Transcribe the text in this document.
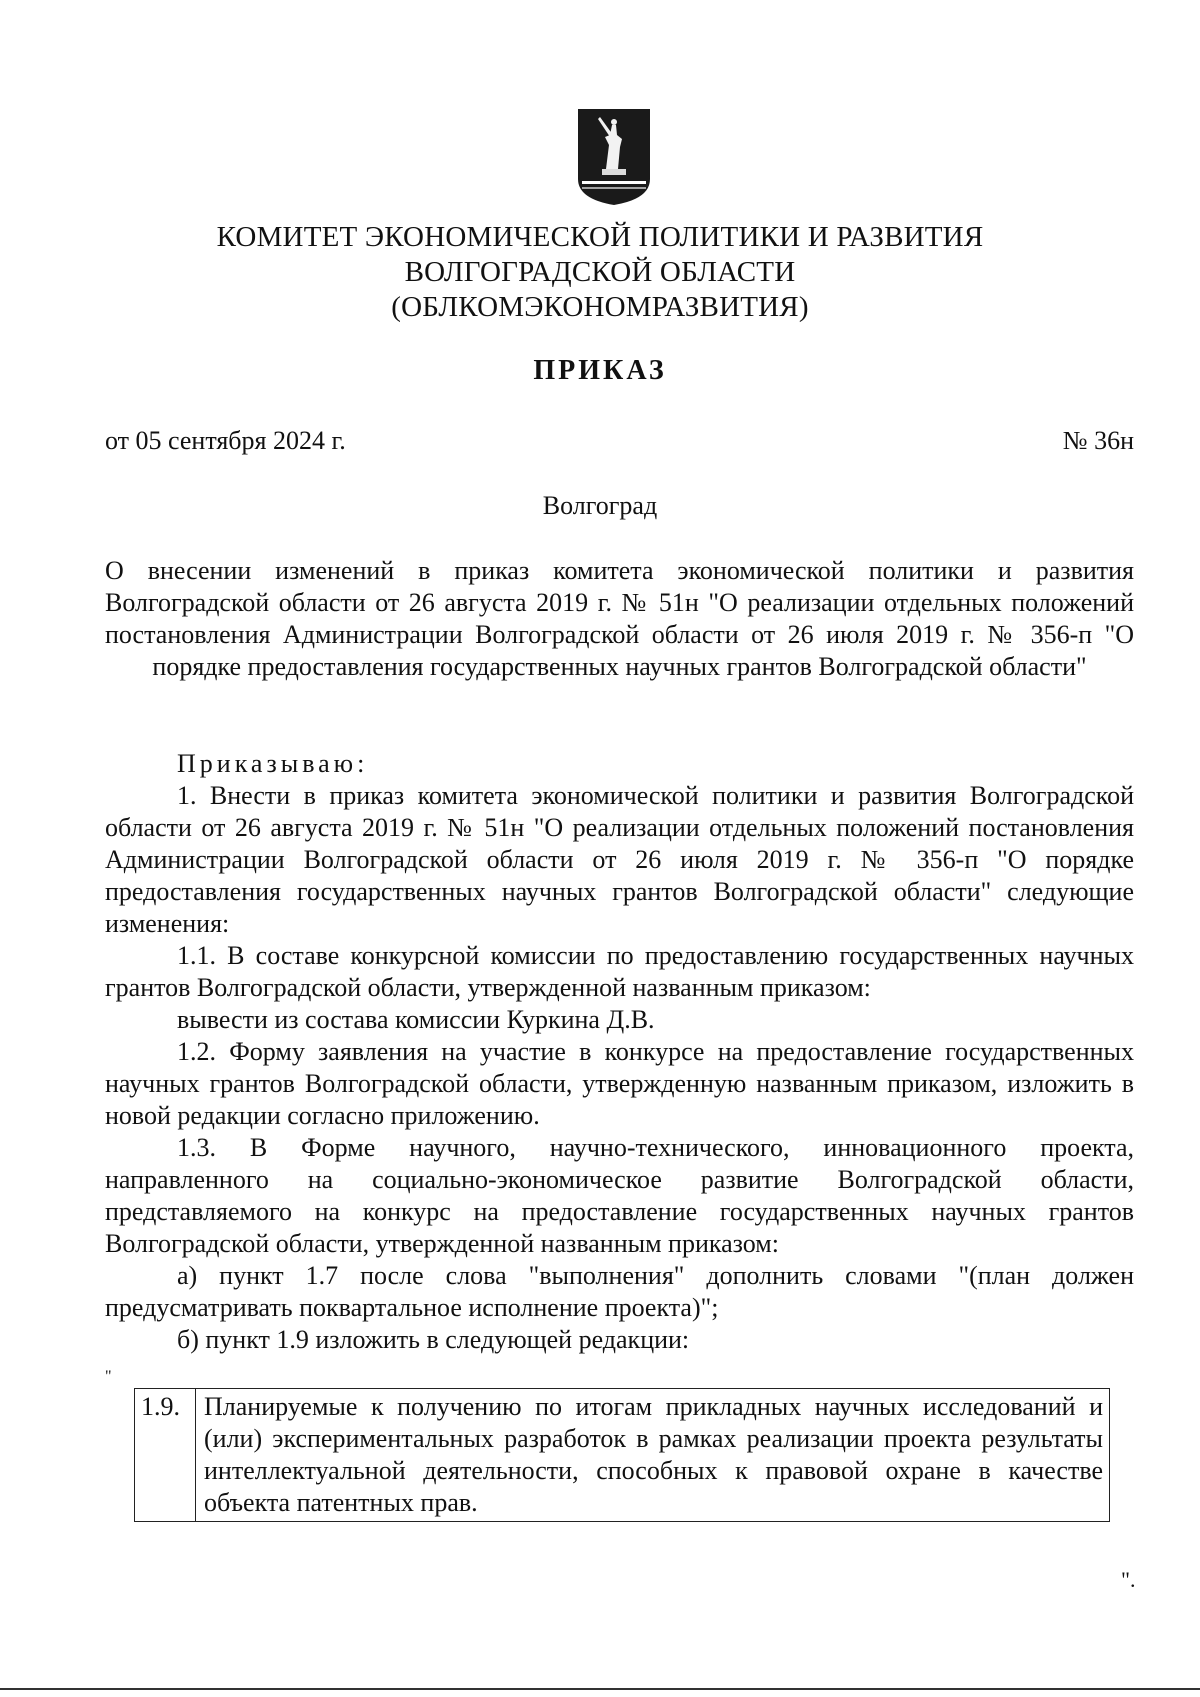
КОМИТЕТ ЭКОНОМИЧЕСКОЙ ПОЛИТИКИ И РАЗВИТИЯ
ВОЛГОГРАДСКОЙ ОБЛАСТИ
(ОБЛКОМЭКОНОМРАЗВИТИЯ)
ПРИКАЗ
от 05 сентября 2024 г.	№ 36н
Волгоград
О внесении изменений в приказ комитета экономической политики и развития Волгоградской области от 26 августа 2019 г. № 51н "О реализации отдельных положений постановления Администрации Волгоградской области от 26 июля 2019 г. № 356-п "О порядке предоставления государственных научных грантов Волгоградской области"

Приказываю:

1. Внести в приказ комитета экономической политики и развития Волгоградской области от 26 августа 2019 г. № 51н "О реализации отдельных положений постановления Администрации Волгоградской области от 26 июля 2019 г. № 356-п "О порядке предоставления государственных научных грантов Волгоградской области" следующие изменения:

1.1. В составе конкурсной комиссии по предоставлению государственных научных грантов Волгоградской области, утвержденной названным приказом:

вывести из состава комиссии Куркина Д.В.

1.2. Форму заявления на участие в конкурсе на предоставление государственных научных грантов Волгоградской области, утвержденную названным приказом, изложить в новой редакции согласно приложению.

1.3. В Форме научного, научно-технического, инновационного проекта, направленного на социально-экономическое развитие Волгоградской области, представляемого на конкурс на предоставление государственных научных грантов Волгоградской области, утвержденной названным приказом:

а) пункт 1.7 после слова "выполнения" дополнить словами "(план должен предусматривать поквартальное исполнение проекта)";

б) пункт 1.9 изложить в следующей редакции:

"
1.9.	Планируемые к получению по итогам прикладных научных исследований и (или) экспериментальных разработок в рамках реализации проекта результаты интеллектуальной деятельности, способных к правовой охране в качестве объекта патентных прав.
".
